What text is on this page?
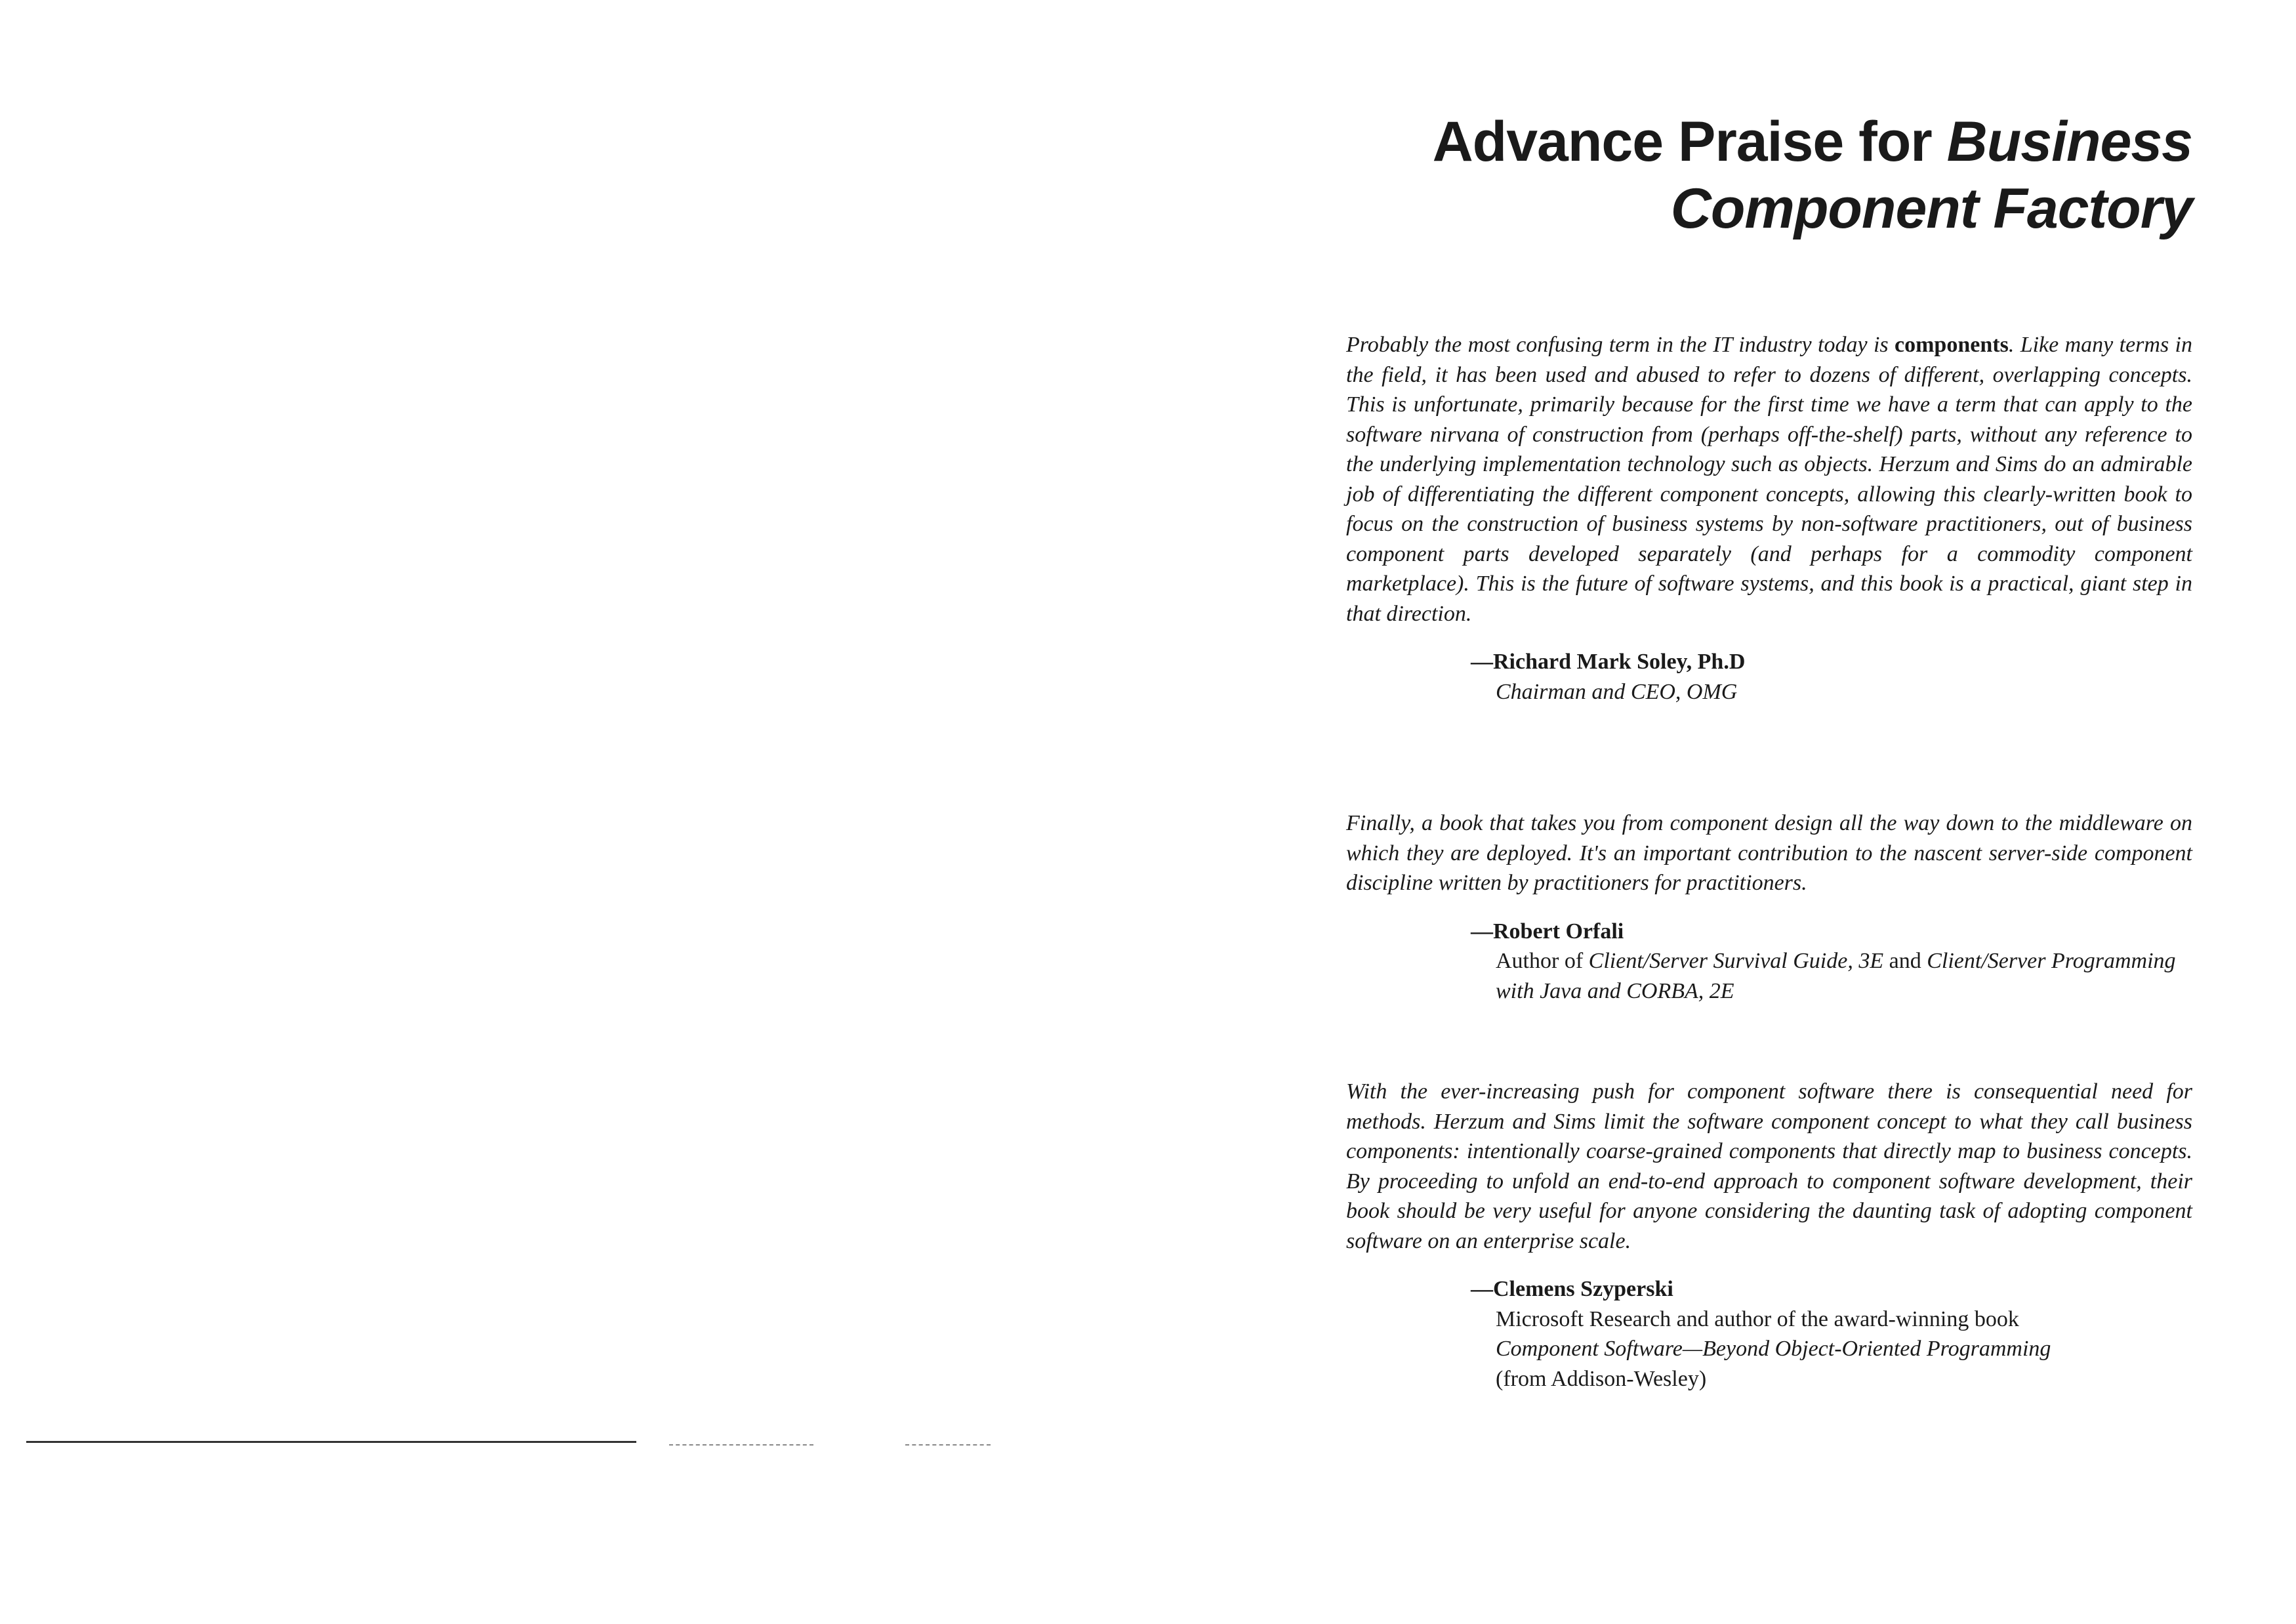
Advance Praise for Business
Component Factory

Probably the most confusing term in the IT industry today is components. Like many terms in the field, it has been used and abused to refer to dozens of different, overlapping concepts. This is unfortunate, primarily because for the first time we have a term that can apply to the software nirvana of construction from (perhaps off-the-shelf) parts, without any reference to the underlying implementation technology such as objects. Herzum and Sims do an admirable job of differentiating the different component concepts, allowing this clearly-written book to focus on the construction of business systems by non-software practitioners, out of business component parts developed separately (and perhaps for a commodity component marketplace). This is the future of software systems, and this book is a practical, giant step in that direction.

—Richard Mark Soley, Ph.D
Chairman and CEO, OMG

Finally, a book that takes you from component design all the way down to the middleware on which they are deployed. It's an important contribution to the nascent server-side component discipline written by practitioners for practitioners.

—Robert Orfali
Author of Client/Server Survival Guide, 3E and Client/Server Programming with Java and CORBA, 2E

With the ever-increasing push for component software there is consequential need for methods. Herzum and Sims limit the software component concept to what they call business components: intentionally coarse-grained components that directly map to business concepts. By proceeding to unfold an end-to-end approach to component software development, their book should be very useful for anyone considering the daunting task of adopting component software on an enterprise scale.

—Clemens Szyperski
Microsoft Research and author of the award-winning book
Component Software—Beyond Object-Oriented Programming
(from Addison-Wesley)
